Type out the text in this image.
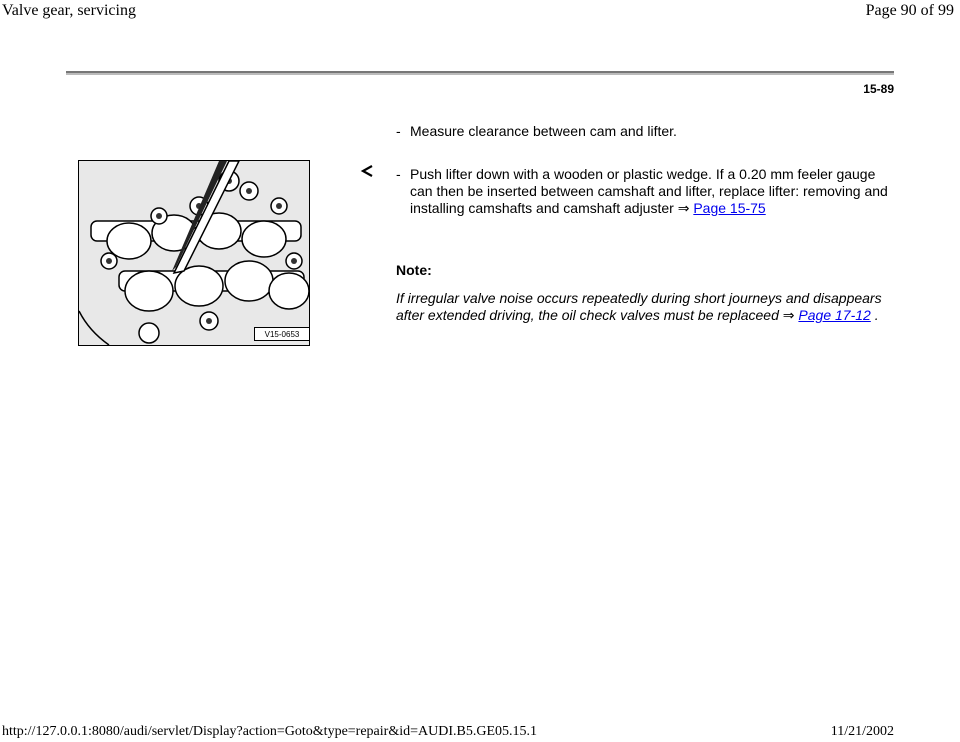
Valve gear, servicing	Page 90 of 99
15-89
- Measure clearance between cam and lifter.
V15-0653
- Push lifter down with a wooden or plastic wedge. If a 0.20 mm feeler gauge can then be inserted between camshaft and lifter, replace lifter: removing and installing camshafts and camshaft adjuster ⇒ Page 15-75
Note:
If irregular valve noise occurs repeatedly during short journeys and disappears after extended driving, the oil check valves must be replaceed ⇒ Page 17-12 .
http://127.0.0.1:8080/audi/servlet/Display?action=Goto&type=repair&id=AUDI.B5.GE05.15.1	11/21/2002
